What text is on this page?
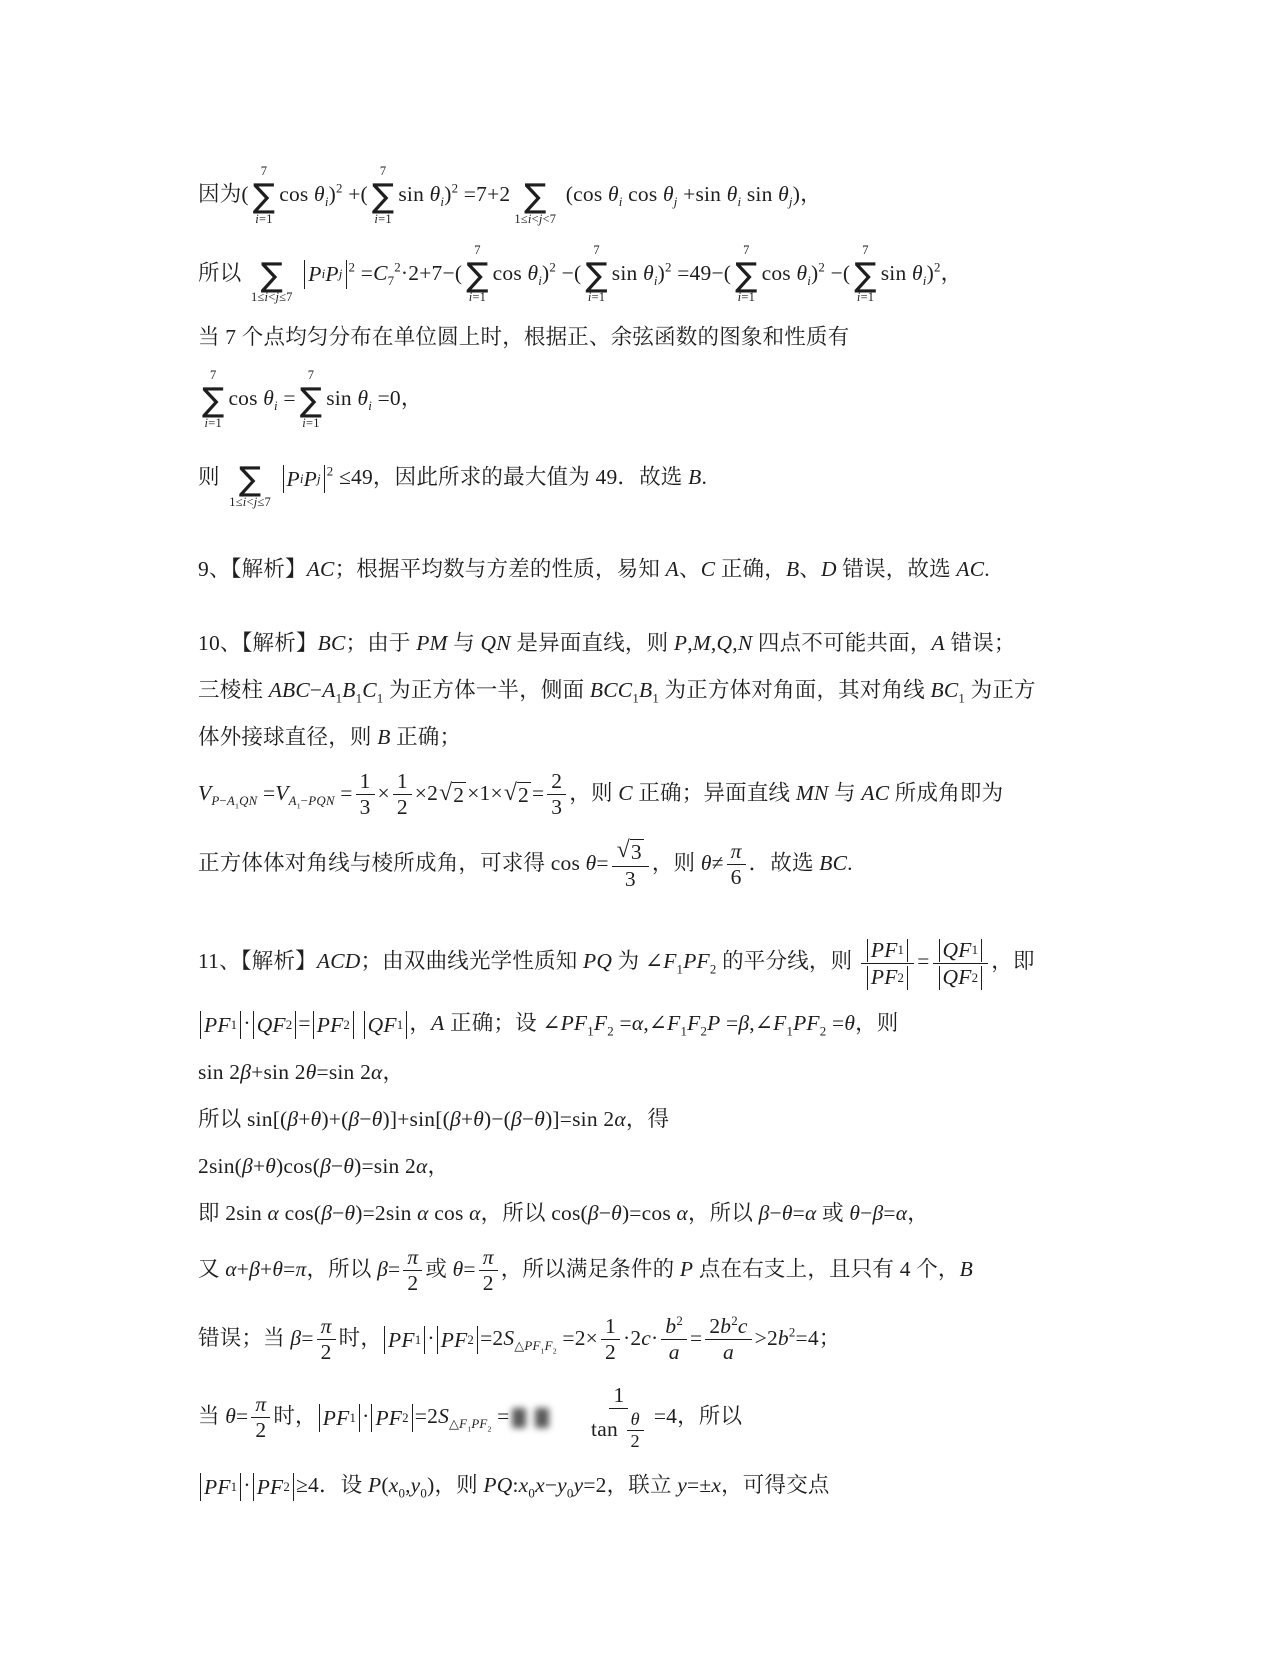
因为(
7
∑
i=1
$\cos \theta_i)^2$ +(
7
∑
i=1
$\sin \theta_i)^2 =7+2$ ∑
1≤i<j<7
(cos $\theta_i$ $\cos \theta_j +\sin$ $\theta_i$ $\sin \theta_j$)，
所以 ∑
1≤i<j≤7

P i P j
$^2 =C_7^2\cdot 2+7-$(
7
∑
i=1
$\cos \theta_i)^2$ −(
7
∑
i=1
$\sin \theta_i)^2 =49-$(
7
∑
i=1
$\cos \theta_i)^2$ −(
7
∑
i=1
$\sin \theta_i)^2$，
当 7 个点均匀分布在单位圆上时，根据正、余弦函数的图象和性质有
7
∑
i=1
$\cos \theta_i$ =
7
∑
i=1
$\sin \theta_i =0$，
则 ∑
1≤i<j≤7

P i P j
$^2$ ≤49，因此所求的最大值为 49．故选 B.
9、【解析】AC；根据平均数与方差的性质，易知 A、C 正确，B、D 错误，故选 AC.
10、【解析】BC；由于 PM 与 QN 是异面直线，则 P,M,Q,N 四点不可能共面，A 错误；
三棱柱 $ABC-A_1B_1C_1$ 为正方体一半，侧面 $BCC_1B_1$ 为正方体对角面，其对角线 $BC_1$ 为正方
体外接球直径，则 B 正确；
$V_{P-A_1QN} =V_{A_1-PQN} = \frac{1}{3} \times \frac{1}{2} \times 2$ √ 2 ×1× √ $2 = \frac{2}{3}$ ，则 C 正确；异面直线 MN 与 AC 所成角即为
正方体体对角线与棱所成角，可求得 $\cos \theta= \frac{√ 3}{3}$ ，则 $\theta\ne \frac{\pi}{6}$ ．故选 BC.
11、【解析】ACD；由双曲线光学性质知 PQ 为 $\angle F_1PF_2$ 的平分线，则 $\frac{PF 1}{PF 2} = \frac{QF 1}{QF 2}$ ，即
PF 1 · QF 2 = PF 2
QF 1 ，A 正确；设 $\angle PF_1F_2$ $=\alpha,\angle F_1F_2P$ $=\beta,\angle F_1PF_2 =\theta$，则
sin 2β+sin 2θ=sin 2α，
所以 sin[(β+θ)+(β−θ)]+sin[(β+θ)−(β−θ)]=sin 2α，得
2sin(β+θ)cos(β−θ)=sin 2α，
即 2sin α cos(β−θ)=2sin α cos α，所以 cos(β−θ)=cos α，所以 β−θ=α 或 θ−β=α，
又 α+β+θ=π，所以 $\beta= \frac{\pi}{2}$ 或 $\theta= \frac{\pi}{2}$ ，所以满足条件的 P 点在右支上，且只有 4 个，B
错误；当 $\beta= \frac{\pi}{2}$ 时， PF 1 · PF $2 =2S_{\triangle PF_1F_2} =2\times \frac{1}{2} \cdot 2c\cdot \frac{b^2}{a} = \frac{2b^2c}{a} >2b^2=4$；
当 $\theta= \frac{\pi}{2}$ 时， PF 1 · PF $2 =2S_{\triangle F_1PF_2}$ =
	$\frac{1}{\tan \frac{\theta}{2}} =4$，所以
PF 1 · PF 2 ≥4．设 $P(x_0,y_0)$，则 $PQ:x_0x-y_0y=2$，联立 y=±x，可得交点
